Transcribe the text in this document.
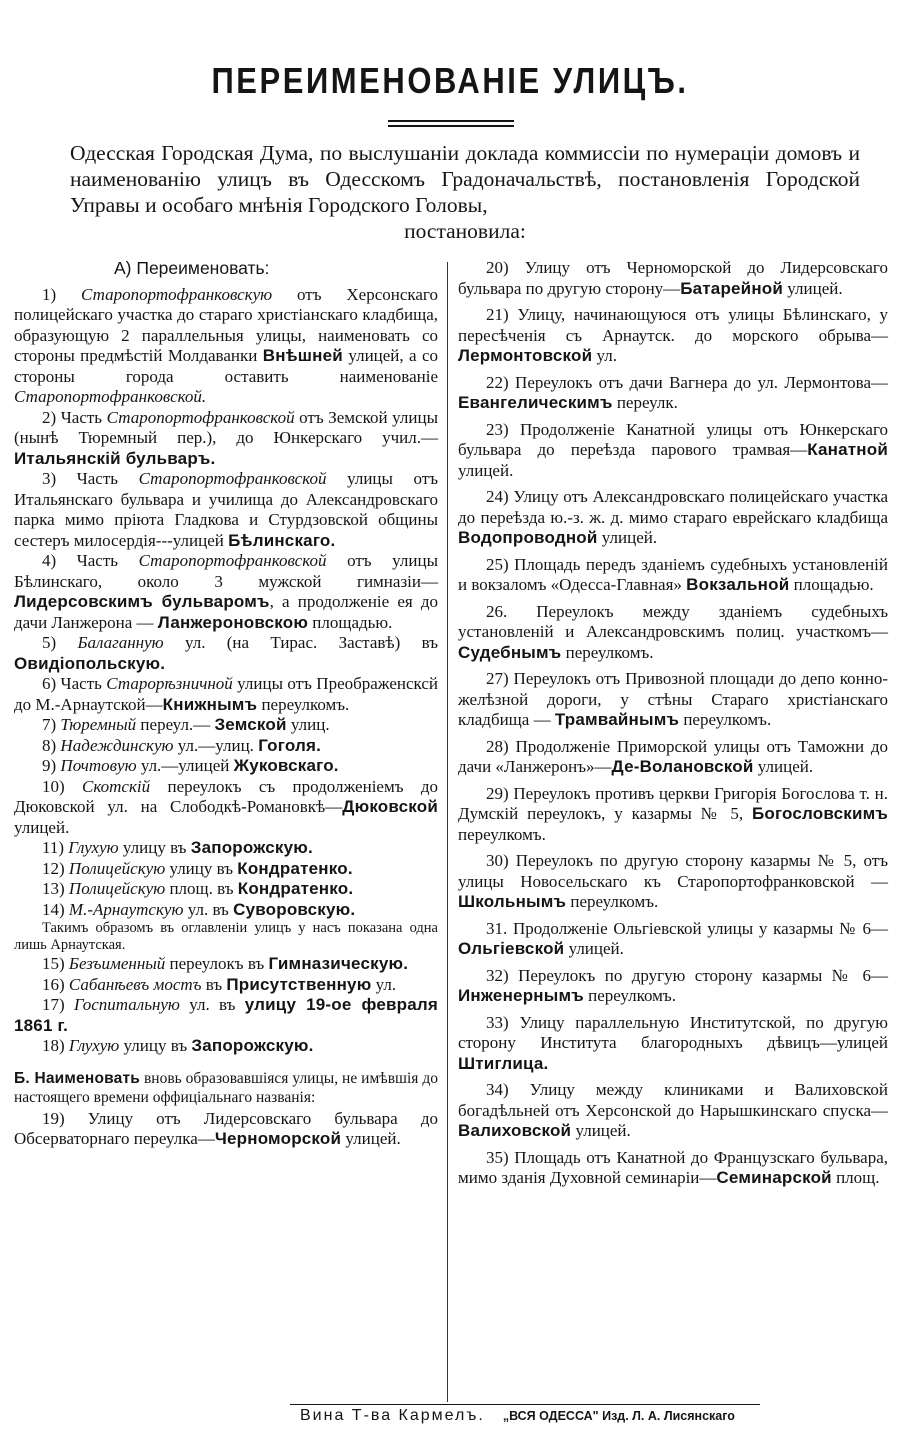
ПЕРЕИМЕНОВАНІЕ УЛИЦЪ.

Одесская Городская Дума, по выслушаніи доклада коммиссіи по нумераціи домовъ и наименованію улицъ въ Одесскомъ Градоначальствѣ, постановленія Городской Управы и особаго мнѣнія Городского Головы,
постановила:

А) Переименовать:

1) Старопортофранковскую отъ Херсонскаго полицейскаго участка до стараго христіанскаго кладбища, образующую 2 параллельныя улицы, наименовать со стороны предмѣстій Молдаванки Внѣшней улицей, а со стороны города оставить наименованіе Старопортофранковской.

2) Часть Старопортофранковской отъ Земской улицы (нынѣ Тюремный пер.), до Юнкерскаго учил.—Итальянскій бульваръ.

3) Часть Старопортофранковской улицы отъ Итальянскаго бульвара и училища до Александровскаго парка мимо пріюта Гладкова и Стурдзовской общины сестеръ милосердія---улицей Бѣлинскаго.

4) Часть Старопортофранковской отъ улицы Бѣлинскаго, около 3 мужской гимназіи—Лидерсовскимъ бульваромъ, а продолженіе ея до дачи Ланжерона — Ланжероновскою площадью.

5) Балаганную ул. (на Тирас. Заставѣ) въ Овидіопольскую.

6) Часть Старорѣзничной улицы отъ Преображенсксй до М.-Арнаутской—Книжнымъ переулкомъ.

7) Тюремный переул.— Земской улиц.

8) Надеждинскую ул.—улиц. Гоголя.

9) Почтовую ул.—улицей Жуковскаго.

10) Скотскій переулокъ съ продолженіемъ до Дюковской ул. на Слободкѣ-Романовкѣ—Дюковской улицей.

11) Глухую улицу въ Запорожскую.

12) Полицейскую улицу въ Кондратенко.

13) Полицейскую площ. въ Кондратенко.

14) М.-Арнаутскую ул. въ Суворовскую.

Такимъ образомъ въ оглавленіи улицъ у насъ показана одна лишь Арнаутская.

15) Безъименный переулокъ въ Гимназическую.

16) Сабанѣевъ мостъ въ Присутственную ул.

17) Госпитальную ул. въ улицу 19-ое февраля 1861 г.

18) Глухую улицу въ Запорожскую.

Б. Наименовать вновь образовавшіяся улицы, не имѣвшія до настоящего времени оффиціальнаго названія:

19) Улицу отъ Лидерсовскаго бульвара до Обсерваторнаго переулка—Черноморской улицей.

20) Улицу отъ Черноморской до Лидерсовскаго бульвара по другую сторону—Батарейной улицей.

21) Улицу, начинающуюся отъ улицы Бѣлинскаго, у пересѣченія съ Арнаутск. до морского обрыва—Лермонтовской ул.

22) Переулокъ отъ дачи Вагнера до ул. Лермонтова—Евангелическимъ переулк.

23) Продолженіе Канатной улицы отъ Юнкерскаго бульвара до переѣзда парового трамвая—Канатной улицей.

24) Улицу отъ Александровскаго полицейскаго участка до переѣзда ю.-з. ж. д. мимо стараго еврейскаго кладбища Водопроводной улицей.

25) Площадь передъ зданіемъ судебныхъ установленій и вокзаломъ «Одесса-Главная» Вокзальной площадью.

26. Переулокъ между зданіемъ судебныхъ установленій и Александровскимъ полиц. участкомъ— Судебнымъ переулкомъ.

27) Переулокъ отъ Привозной площади до депо конно-желѣзной дороги, у стѣны Стараго христіанскаго кладбища — Трамвайнымъ переулкомъ.

28) Продолженіе Приморской улицы отъ Таможни до дачи «Ланжеронъ»—Де-Волановской улицей.

29) Переулокъ противъ церкви Григорія Богослова т. н. Думскій переулокъ, у казармы № 5, Богословскимъ переулкомъ.

30) Переулокъ по другую сторону казармы № 5, отъ улицы Новосельскаго къ Старопортофранковской — Школьнымъ переулкомъ.

31. Продолженіе Ольгіевской улицы у казармы № 6—Ольгіевской улицей.

32) Переулокъ по другую сторону казармы № 6—Инженернымъ переулкомъ.

33) Улицу параллельную Институтской, по другую сторону Института благородныхъ дѣвицъ—улицей Штиглица.

34) Улицу между клиниками и Валиховской богадѣльней отъ Херсонской до Нарышкинскаго спуска—Валиховской улицей.

35) Площадь отъ Канатной до Французскаго бульвара, мимо зданія Духовной семинаріи—Семинарской площ.

Вина Т-ва Кармелъ. „ВСЯ ОДЕССА" Изд. Л. А. Лисянскаго
